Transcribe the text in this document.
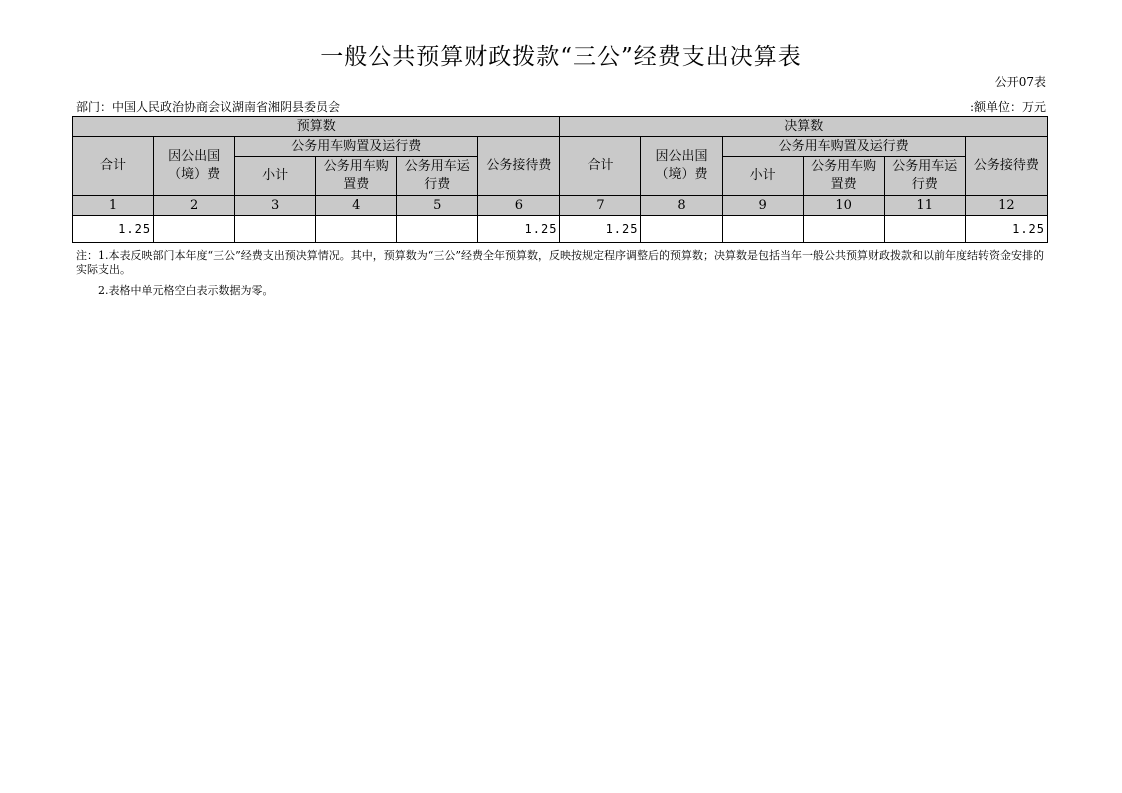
一般公共预算财政拨款“三公”经费支出决算表
公开07表
部门：中国人民政治协商会议湖南省湘阴县委员会	:额单位：万元
预算数						决算数					
合计	因公出国（境）费	公务用车购置及运行费			公务接待费	合计	因公出国（境）费	公务用车购置及运行费			公务接待费
		小计	公务用车购置费	公务用车运行费				小计	公务用车购置费	公务用车运行费	
1	2	3	4	5	6	7	8	9	10	11	12
1.25					1.25	1.25					1.25
注：1.本表反映部门本年度“三公”经费支出预决算情况。其中，预算数为“三公”经费全年预算数，反映按规定程序调整后的预算数；决算数是包括当年一般公共预算财政拨款和以前年度结转资金安排的实际支出。
2.表格中单元格空白表示数据为零。
